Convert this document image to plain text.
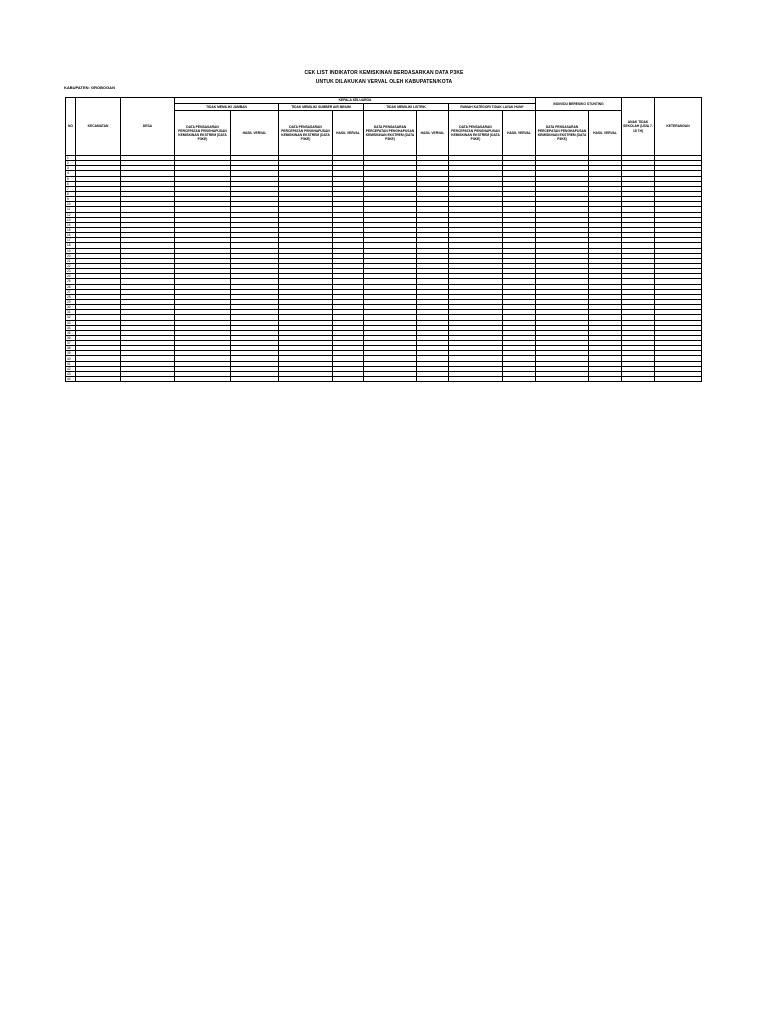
CEK LIST INDIKATOR KEMISKINAN BERDASARKAN DATA P3KE
UNTUK DILAKUKAN VERVAL OLEH KABUPATEN/KOTA
KABUPATEN: GROBOGAN
NO	KECAMATAN	DESA	KEPALA KELUARGA								INDIVIDU BERESIKO STUNTING		ANAK TIDAK SEKOLAH (USIA 7-18 TH)	KETERANGAN
			TIDAK MEMILIKI JAMBAN		TIDAK MEMILIKI SUMBER AIR MINUM		TIDAK MEMILIKI LISTRIK		RUMAH KATEGORI TIDAK LAYAK HUNI*					
			DATA PENSASARAN PERCEPATAN PENGHAPUSAN KEMISKINAN EKSTREM (DATA P3KE)	HASIL VERVAL	DATA PENSASARAN PERCEPATAN PENGHAPUSAN KEMISKINAN EKSTREM (DATA P3KE)	HASIL VERVAL	DATA PENSASARAN PERCEPATAN PENGHAPUSAN KEMISKINAN EKSTREM (DATA P3KE)	HASIL VERVAL	DATA PENSASARAN PERCEPATAN PENGHAPUSAN KEMISKINAN EKSTREM (DATA P3KE)	HASIL VERVAL	DATA PENSASARAN PERCEPATAN PENGHAPUSAN KEMISKINAN EKSTREM (DATA P3KE)	HASIL VERVAL		
1														
2														
3														
4														
5														
6														
7														
8														
9														
10														
11														
12														
13														
14														
15														
16														
17														
18														
19														
20														
21														
22														
23														
24														
25														
26														
27														
28														
29														
30														
31														
32														
33														
34														
35														
36														
37														
38														
39														
40														
41														
42														
43														
44														
